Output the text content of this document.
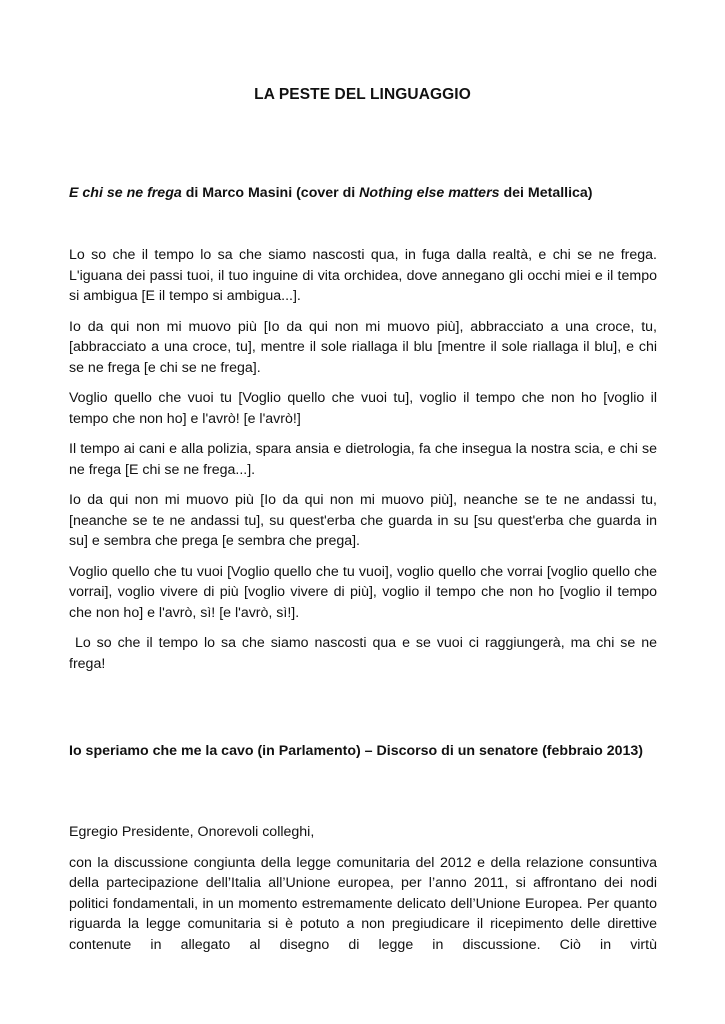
LA PESTE DEL LINGUAGGIO
E chi se ne frega di Marco Masini (cover di Nothing else matters dei Metallica)

Lo so che il tempo lo sa che siamo nascosti qua, in fuga dalla realtà, e chi se ne frega. L'iguana dei passi tuoi, il tuo inguine di vita orchidea, dove annegano gli occhi miei e il tempo si ambigua [E il tempo si ambigua...].

Io da qui non mi muovo più [Io da qui non mi muovo più], abbracciato a una croce, tu, [abbracciato a una croce, tu], mentre il sole riallaga il blu [mentre il sole riallaga il blu], e chi se ne frega [e chi se ne frega].

Voglio quello che vuoi tu [Voglio quello che vuoi tu], voglio il tempo che non ho [voglio il tempo che non ho] e l'avrò! [e l'avrò!]

Il tempo ai cani e alla polizia, spara ansia e dietrologia, fa che insegua la nostra scia, e chi se ne frega [E chi se ne frega...].

Io da qui non mi muovo più [Io da qui non mi muovo più], neanche se te ne andassi tu, [neanche se te ne andassi tu], su quest'erba che guarda in su [su quest'erba che guarda in su] e sembra che prega [e sembra che prega].

Voglio quello che tu vuoi [Voglio quello che tu vuoi], voglio quello che vorrai [voglio quello che vorrai], voglio vivere di più [voglio vivere di più], voglio il tempo che non ho [voglio il tempo che non ho] e l'avrò, sì! [e l'avrò, sì!].

Lo so che il tempo lo sa che siamo nascosti qua e se vuoi ci raggiungerà, ma chi se ne frega!

Io speriamo che me la cavo (in Parlamento) – Discorso di un senatore (febbraio 2013)

Egregio Presidente, Onorevoli colleghi,

con la discussione congiunta della legge comunitaria del 2012 e della relazione consuntiva della partecipazione dell’Italia all’Unione europea, per l’anno 2011, si affrontano dei nodi politici fondamentali, in un momento estremamente delicato dell’Unione Europea. Per quanto riguarda la legge comunitaria si è potuto a non pregiudicare il ricepimento delle direttive contenute in allegato al disegno di legge in discussione. Ciò in virtù
